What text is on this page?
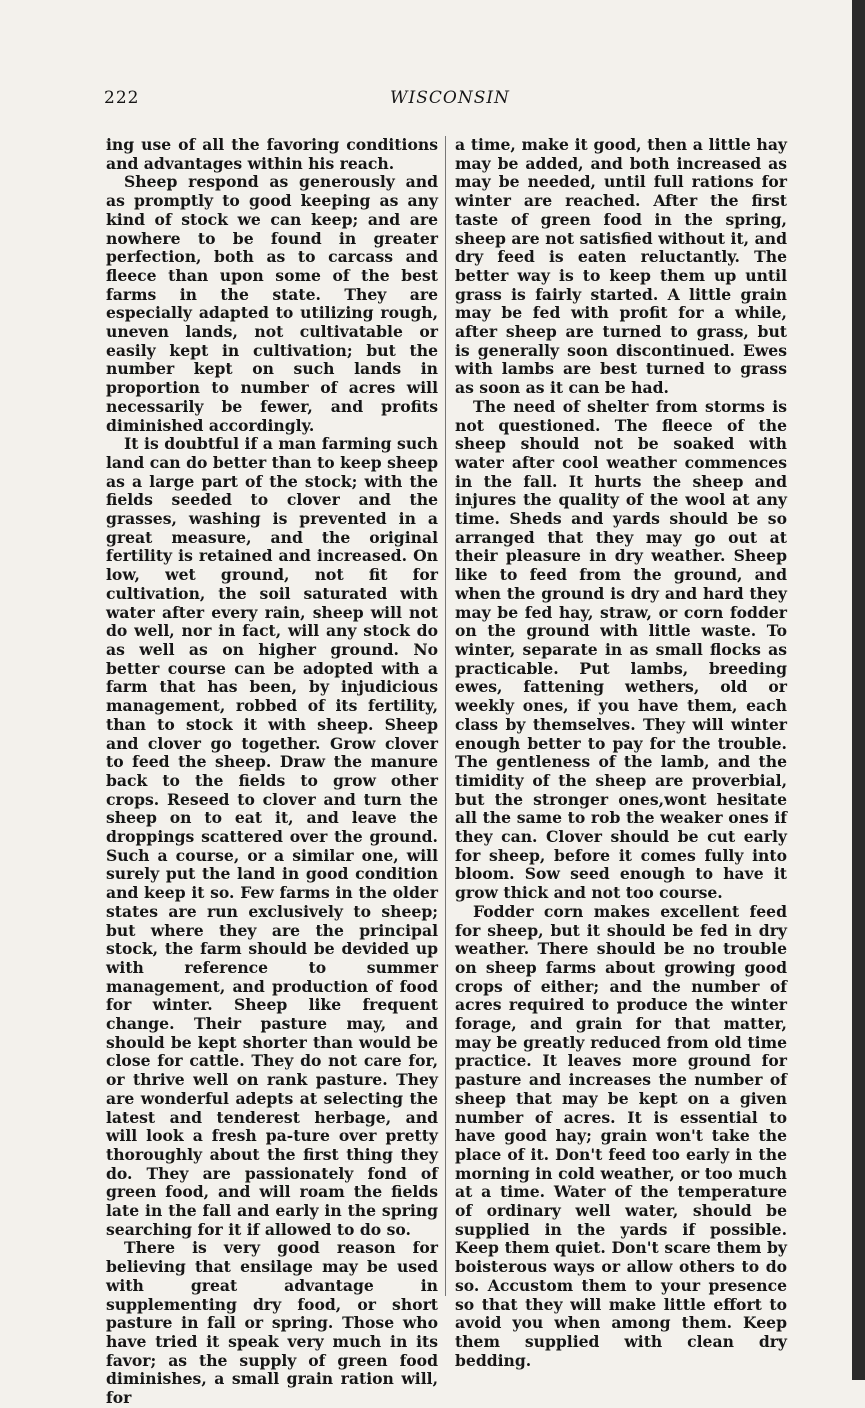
222	WISCONSIN

ing use of all the favoring conditions and advantages within his reach.

Sheep respond as generously and as promptly to good keeping as any kind of stock we can keep; and are nowhere to be found in greater perfection, both as to carcass and fleece than upon some of the best farms in the state. They are especially adapted to utilizing rough, uneven lands, not cultivatable or easily kept in cultivation; but the number kept on such lands in proportion to number of acres will necessarily be fewer, and profits diminished accordingly.

It is doubtful if a man farming such land can do better than to keep sheep as a large part of the stock; with the fields seeded to clover and the grasses, washing is prevented in a great measure, and the original fertility is retained and increased. On low, wet ground, not fit for cultivation, the soil saturated with water after every rain, sheep will not do well, nor in fact, will any stock do as well as on higher ground. No better course can be adopted with a farm that has been, by injudicious management, robbed of its fertility, than to stock it with sheep. Sheep and clover go together. Grow clover to feed the sheep. Draw the manure back to the fields to grow other crops. Reseed to clover and turn the sheep on to eat it, and leave the droppings scattered over the ground. Such a course, or a similar one, will surely put the land in good condition and keep it so. Few farms in the older states are run exclusively to sheep; but where they are the principal stock, the farm should be devided up with reference to summer management, and production of food for winter. Sheep like frequent change. Their pasture may, and should be kept shorter than would be close for cattle. They do not care for, or thrive well on rank pasture. They are wonderful adepts at selecting the latest and tenderest herbage, and will look a fresh pa-ture over pretty thoroughly about the first thing they do. They are passionately fond of green food, and will roam the fields late in the fall and early in the spring searching for it if allowed to do so.

There is very good reason for believing that ensilage may be used with great advantage in supplementing dry food, or short pasture in fall or spring. Those who have tried it speak very much in its favor; as the supply of green food diminishes, a small grain ration will, for

a time, make it good, then a little hay may be added, and both increased as may be needed, until full rations for winter are reached. After the first taste of green food in the spring, sheep are not satisfied without it, and dry feed is eaten reluctantly. The better way is to keep them up until grass is fairly started. A little grain may be fed with profit for a while, after sheep are turned to grass, but is generally soon discontinued. Ewes with lambs are best turned to grass as soon as it can be had.

The need of shelter from storms is not questioned. The fleece of the sheep should not be soaked with water after cool weather commences in the fall. It hurts the sheep and injures the quality of the wool at any time. Sheds and yards should be so arranged that they may go out at their pleasure in dry weather. Sheep like to feed from the ground, and when the ground is dry and hard they may be fed hay, straw, or corn fodder on the ground with little waste. To winter, separate in as small flocks as practicable. Put lambs, breeding ewes, fattening wethers, old or weekly ones, if you have them, each class by themselves. They will winter enough better to pay for the trouble. The gentleness of the lamb, and the timidity of the sheep are proverbial, but the stronger ones,wont hesitate all the same to rob the weaker ones if they can. Clover should be cut early for sheep, before it comes fully into bloom. Sow seed enough to have it grow thick and not too course.

Fodder corn makes excellent feed for sheep, but it should be fed in dry weather. There should be no trouble on sheep farms about growing good crops of either; and the number of acres required to produce the winter forage, and grain for that matter, may be greatly reduced from old time practice. It leaves more ground for pasture and increases the number of sheep that may be kept on a given number of acres. It is essential to have good hay; grain won't take the place of it. Don't feed too early in the morning in cold weather, or too much at a time. Water of the temperature of ordinary well water, should be supplied in the yards if possible. Keep them quiet. Don't scare them by boisterous ways or allow others to do so. Accustom them to your presence so that they will make little effort to avoid you when among them. Keep them supplied with clean dry bedding.
